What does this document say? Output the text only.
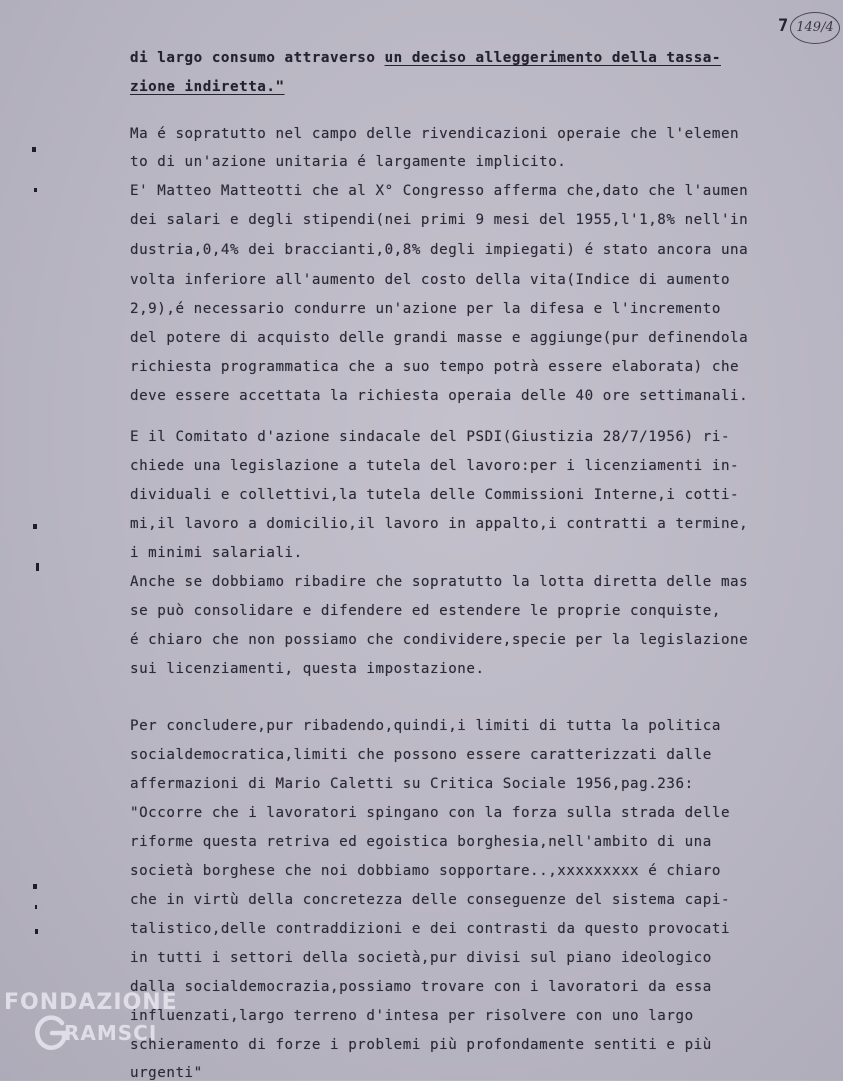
7 149/4
di largo consumo attraverso un deciso alleggerimento della tassa-
zione indiretta."
Ma é sopratutto nel campo delle rivendicazioni operaie che l'elemen
to di un'azione unitaria é largamente implicito.
E' Matteo Matteotti che al X° Congresso afferma che,dato che l'aumen
dei salari e degli stipendi(nei primi 9 mesi del 1955,l'1,8% nell'in
dustria,0,4% dei braccianti,0,8% degli impiegati) é stato ancora una
volta inferiore all'aumento del costo della vita(Indice di aumento
2,9),é necessario condurre un'azione per la difesa e l'incremento
del potere di acquisto delle grandi masse e aggiunge(pur definendola
richiesta programmatica che a suo tempo potrà essere elaborata) che
deve essere accettata la richiesta operaia delle 40 ore settimanali.
E il Comitato d'azione sindacale del PSDI(Giustizia 28/7/1956) ri-
chiede una legislazione a tutela del lavoro:per i licenziamenti in-
dividuali e collettivi,la tutela delle Commissioni Interne,i cotti-
mi,il lavoro a domicilio,il lavoro in appalto,i contratti a termine,
i minimi salariali.
Anche se dobbiamo ribadire che sopratutto la lotta diretta delle mas
se può consolidare e difendere ed estendere le proprie conquiste,
é chiaro che non possiamo che condividere,specie per la legislazione
sui licenziamenti, questa impostazione.
Per concludere,pur ribadendo,quindi,i limiti di tutta la politica
socialdemocratica,limiti che possono essere caratterizzati dalle
affermazioni di Mario Caletti su Critica Sociale 1956,pag.236:
"Occorre che i lavoratori spingano con la forza sulla strada delle
riforme questa retriva ed egoistica borghesia,nell'ambito di una
società borghese che noi dobbiamo sopportare..,xxxxxxxxx é chiaro
che in virtù della concretezza delle conseguenze del sistema capi-
talistico,delle contraddizioni e dei contrasti da questo provocati
in tutti i settori della società,pur divisi sul piano ideologico
dalla socialdemocrazia,possiamo trovare con i lavoratori da essa
influenzati,largo terreno d'intesa per risolvere con uno largo
schieramento di forze i problemi più profondamente sentiti e più
urgenti"
FONDAZIONE
RAMSCI
